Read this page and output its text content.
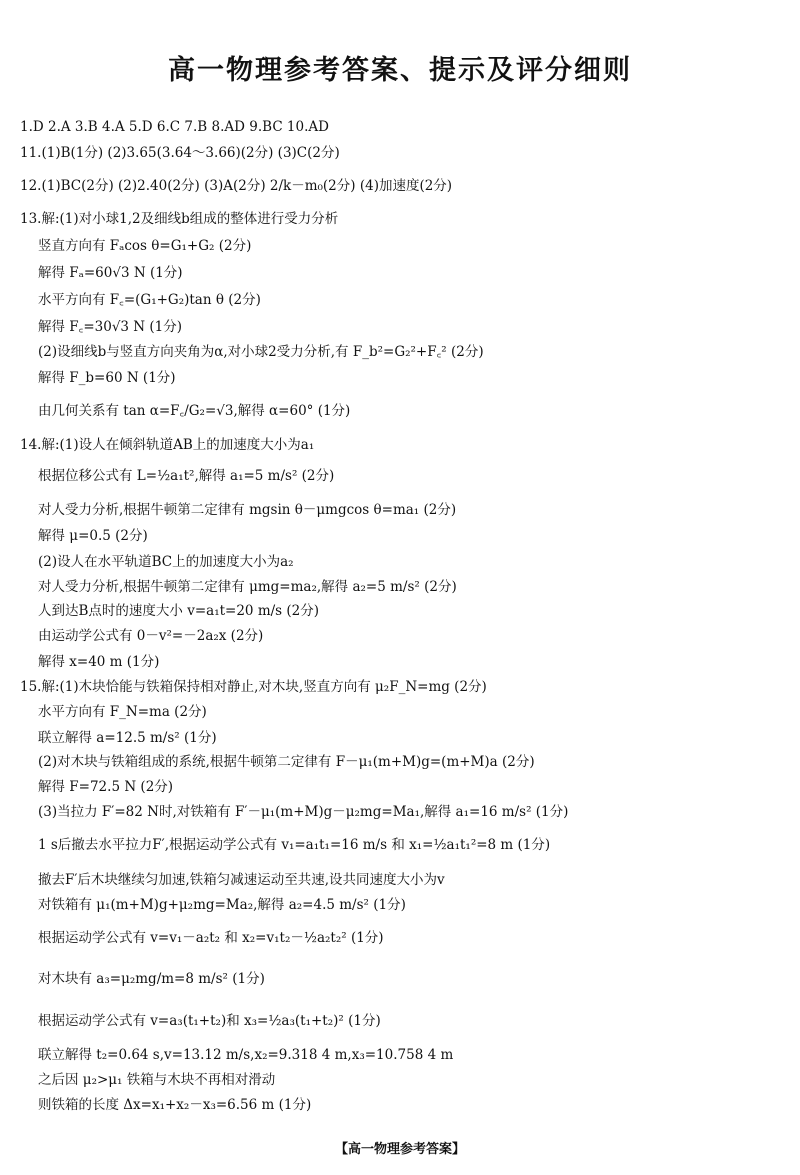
高一物理参考答案、提示及评分细则
1.D 2.A 3.B 4.A 5.D 6.C 7.B 8.AD 9.BC 10.AD
11.(1)B(1分) (2)3.65(3.64～3.66)(2分) (3)C(2分)
12.(1)BC(2分) (2)2.40(2分) (3)A(2分) 2/k－m₀(2分) (4)加速度(2分)
13.解:(1)对小球1,2及细线b组成的整体进行受力分析
竖直方向有 Fₐcos θ=G₁+G₂ (2分)
解得 Fₐ=60√3 N (1分)
水平方向有 F꜀=(G₁+G₂)tan θ (2分)
解得 F꜀=30√3 N (1分)
(2)设细线b与竖直方向夹角为α,对小球2受力分析,有 F_b²=G₂²+F꜀² (2分)
解得 F_b=60 N (1分)
由几何关系有 tan α=F꜀/G₂=√3,解得 α=60° (1分)
14.解:(1)设人在倾斜轨道AB上的加速度大小为a₁
根据位移公式有 L=½a₁t²,解得 a₁=5 m/s² (2分)
对人受力分析,根据牛顿第二定律有 mgsin θ－μmgcos θ=ma₁ (2分)
解得 μ=0.5 (2分)
(2)设人在水平轨道BC上的加速度大小为a₂
对人受力分析,根据牛顿第二定律有 μmg=ma₂,解得 a₂=5 m/s² (2分)
人到达B点时的速度大小 v=a₁t=20 m/s (2分)
由运动学公式有 0－v²=－2a₂x (2分)
解得 x=40 m (1分)
15.解:(1)木块恰能与铁箱保持相对静止,对木块,竖直方向有 μ₂F_N=mg (2分)
水平方向有 F_N=ma (2分)
联立解得 a=12.5 m/s² (1分)
(2)对木块与铁箱组成的系统,根据牛顿第二定律有 F－μ₁(m+M)g=(m+M)a (2分)
解得 F=72.5 N (2分)
(3)当拉力 F′=82 N时,对铁箱有 F′－μ₁(m+M)g－μ₂mg=Ma₁,解得 a₁=16 m/s² (1分)
1 s后撤去水平拉力F′,根据运动学公式有 v₁=a₁t₁=16 m/s 和 x₁=½a₁t₁²=8 m (1分)
撤去F′后木块继续匀加速,铁箱匀减速运动至共速,设共同速度大小为v
对铁箱有 μ₁(m+M)g+μ₂mg=Ma₂,解得 a₂=4.5 m/s² (1分)
根据运动学公式有 v=v₁－a₂t₂ 和 x₂=v₁t₂－½a₂t₂² (1分)
对木块有 a₃=μ₂mg/m=8 m/s² (1分)
根据运动学公式有 v=a₃(t₁+t₂)和 x₃=½a₃(t₁+t₂)² (1分)
联立解得 t₂=0.64 s,v=13.12 m/s,x₂=9.318 4 m,x₃=10.758 4 m
之后因 μ₂>μ₁ 铁箱与木块不再相对滑动
则铁箱的长度 Δx=x₁+x₂－x₃=6.56 m (1分)
【高一物理参考答案】
